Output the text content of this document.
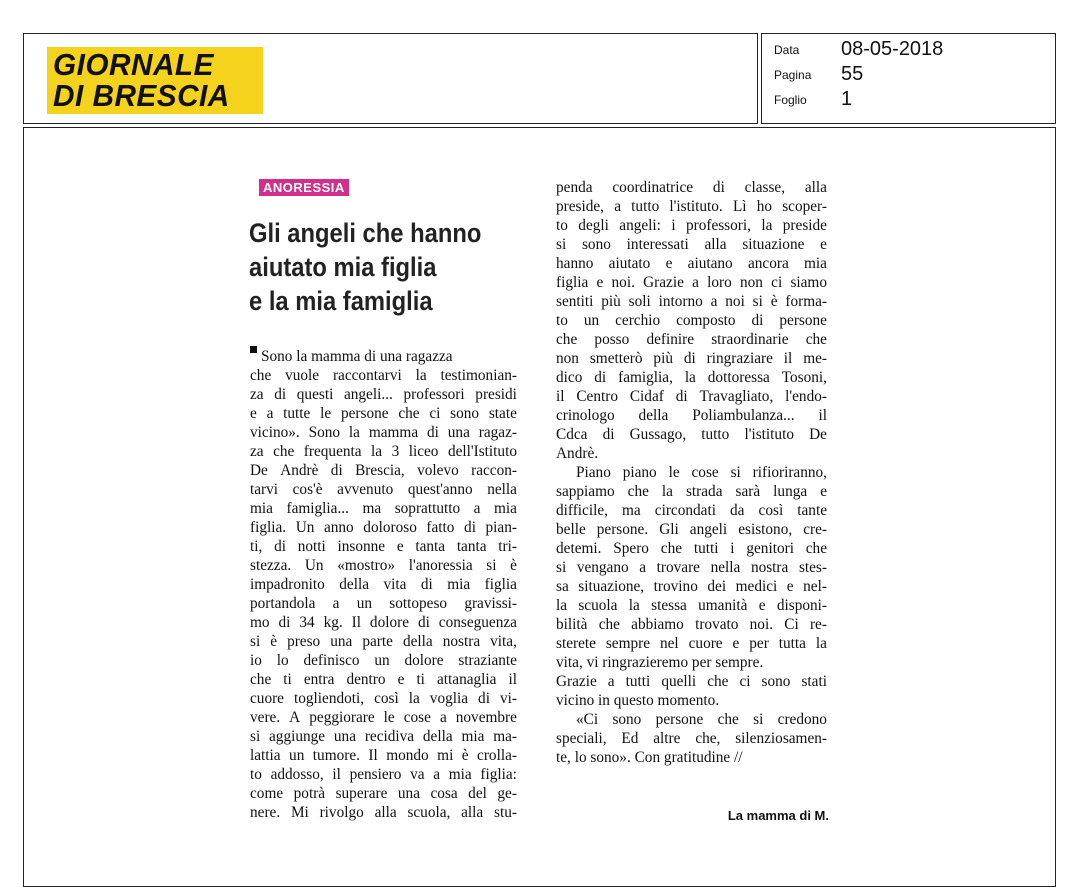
GIORNALE
DI BRESCIA
Data 08-05-2018
Pagina 55
Foglio 1
ANORESSIA
Gli angeli che hanno
aiutato mia figlia
e la mia famiglia
Sono la mamma di una ragazza
che vuole raccontarvi la testimonian-
za di questi angeli... professori presidi
e a tutte le persone che ci sono state
vicino». Sono la mamma di una ragaz-
za che frequenta la 3 liceo dell'Istituto
De Andrè di Brescia, volevo raccon-
tarvi cos'è avvenuto quest'anno nella
mia famiglia... ma soprattutto a mia
figlia. Un anno doloroso fatto di pian-
ti, di notti insonne e tanta tanta tri-
stezza. Un «mostro» l'anoressia si è
impadronito della vita di mia figlia
portandola a un sottopeso gravissi-
mo di 34 kg. Il dolore di conseguenza
si è preso una parte della nostra vita,
io lo definisco un dolore straziante
che ti entra dentro e ti attanaglia il
cuore togliendoti, così la voglia di vi-
vere. A peggiorare le cose a novembre
si aggiunge una recidiva della mia ma-
lattia un tumore. Il mondo mi è crolla-
to addosso, il pensiero va a mia figlia:
come potrà superare una cosa del ge-
nere. Mi rivolgo alla scuola, alla stu-
penda coordinatrice di classe, alla
preside, a tutto l'istituto. Lì ho scoper-
to degli angeli: i professori, la preside
si sono interessati alla situazione e
hanno aiutato e aiutano ancora mia
figlia e noi. Grazie a loro non ci siamo
sentiti più soli intorno a noi si è forma-
to un cerchio composto di persone
che posso definire straordinarie che
non smetterò più di ringraziare il me-
dico di famiglia, la dottoressa Tosoni,
il Centro Cidaf di Travagliato, l'endo-
crinologo della Poliambulanza... il
Cdca di Gussago, tutto l'istituto De
Andrè.
Piano piano le cose si rifioriranno,
sappiamo che la strada sarà lunga e
difficile, ma circondati da così tante
belle persone. Gli angeli esistono, cre-
detemi. Spero che tutti i genitori che
si vengano a trovare nella nostra stes-
sa situazione, trovino dei medici e nel-
la scuola la stessa umanità e disponi-
bilità che abbiamo trovato noi. Ci re-
sterete sempre nel cuore e per tutta la
vita, vi ringrazieremo per sempre.
Grazie a tutti quelli che ci sono stati
vicino in questo momento.
«Ci sono persone che si credono
speciali, Ed altre che, silenziosamen-
te, lo sono». Con gratitudine //
La mamma di M.
